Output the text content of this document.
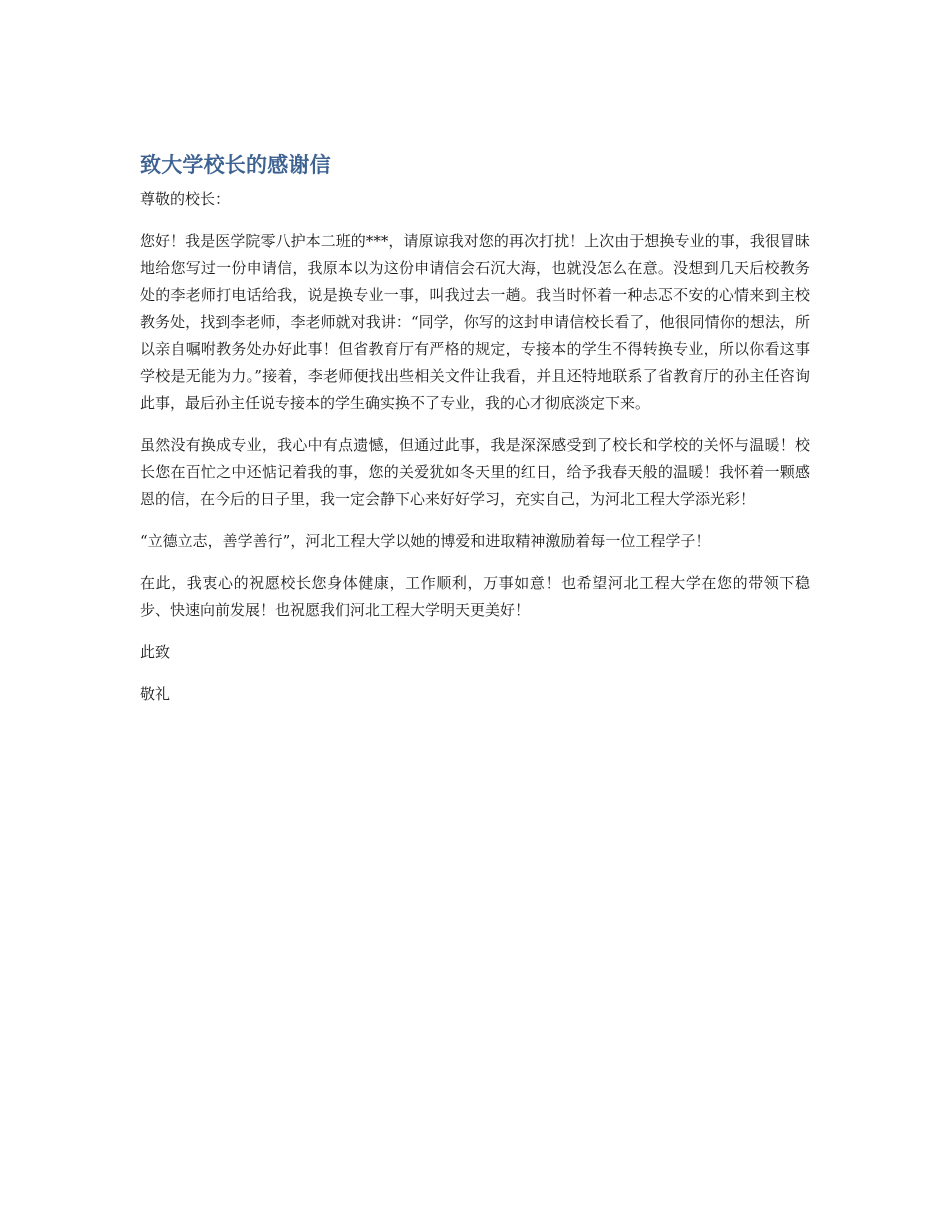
致大学校长的感谢信

尊敬的校长：

您好！我是医学院零八护本二班的***，请原谅我对您的再次打扰！上次由于想换专业的事，我很冒昧地给您写过一份申请信，我原本以为这份申请信会石沉大海，也就没怎么在意。没想到几天后校教务处的李老师打电话给我，说是换专业一事，叫我过去一趟。我当时怀着一种忐忑不安的心情来到主校教务处，找到李老师，李老师就对我讲：“同学，你写的这封申请信校长看了，他很同情你的想法，所以亲自嘱咐教务处办好此事！但省教育厅有严格的规定，专接本的学生不得转换专业，所以你看这事学校是无能为力。”接着，李老师便找出些相关文件让我看，并且还特地联系了省教育厅的孙主任咨询此事，最后孙主任说专接本的学生确实换不了专业，我的心才彻底淡定下来。

虽然没有换成专业，我心中有点遗憾，但通过此事，我是深深感受到了校长和学校的关怀与温暖！校长您在百忙之中还惦记着我的事，您的关爱犹如冬天里的红日，给予我春天般的温暖！我怀着一颗感恩的信，在今后的日子里，我一定会静下心来好好学习，充实自己，为河北工程大学添光彩！

“立德立志，善学善行”，河北工程大学以她的博爱和进取精神激励着每一位工程学子！

在此，我衷心的祝愿校长您身体健康，工作顺利，万事如意！也希望河北工程大学在您的带领下稳步、快速向前发展！也祝愿我们河北工程大学明天更美好！

此致

敬礼
